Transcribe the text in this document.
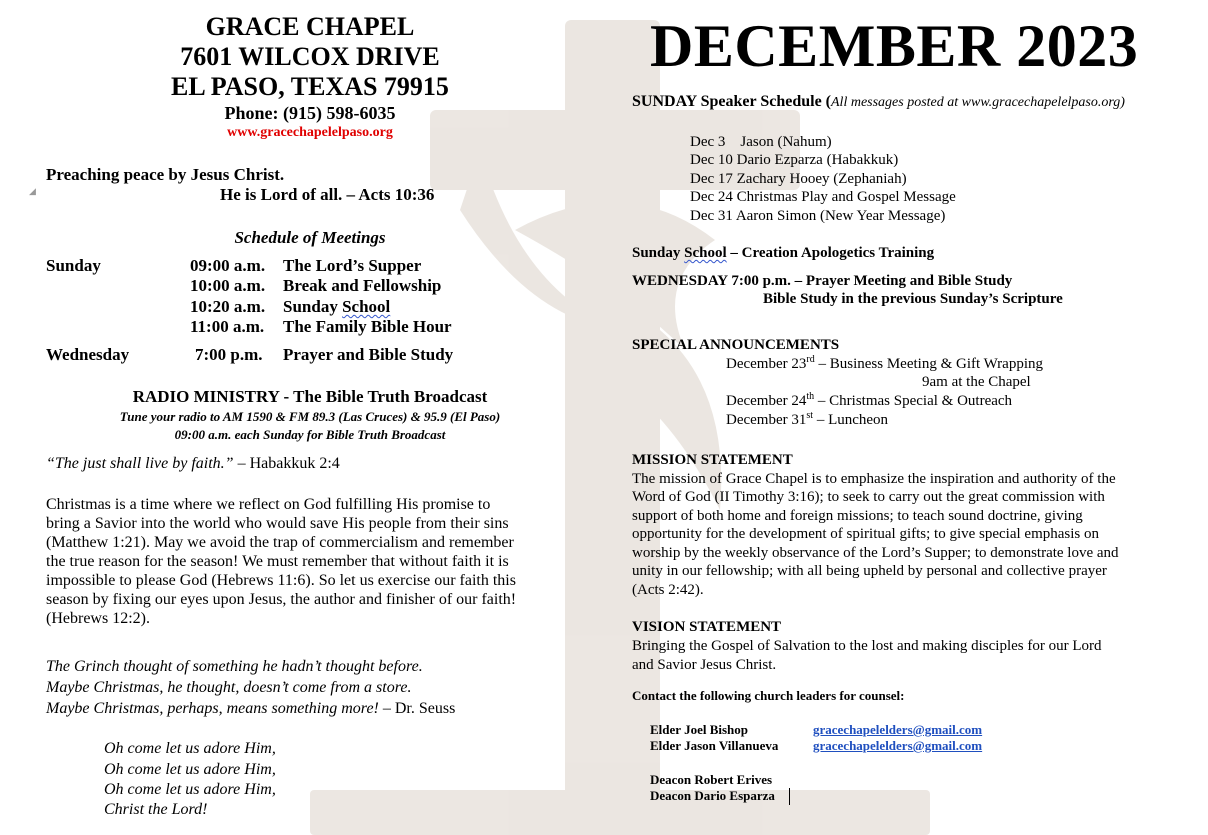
GRACE CHAPEL
7601 WILCOX DRIVE
EL PASO, TEXAS 79915
Phone: (915) 598-6035
www.gracechapelelpaso.org
Preaching peace by Jesus Christ.
He is Lord of all. – Acts 10:36
◢
Schedule of Meetings
Sunday	09:00 a.m. The Lord’s Supper
10:00 a.m. Break and Fellowship
10:20 a.m. Sunday School
11:00 a.m. The Family Bible Hour
Wednesday	7:00 p.m. Prayer and Bible Study
RADIO MINISTRY - The Bible Truth Broadcast
Tune your radio to AM 1590 & FM 89.3 (Las Cruces) & 95.9 (El Paso)
09:00 a.m. each Sunday for Bible Truth Broadcast
“The just shall live by faith.” – Habakkuk 2:4
Christmas is a time where we reflect on God fulfilling His promise to
bring a Savior into the world who would save His people from their sins
(Matthew 1:21). May we avoid the trap of commercialism and remember
the true reason for the season! We must remember that without faith it is
impossible to please God (Hebrews 11:6). So let us exercise our faith this
season by fixing our eyes upon Jesus, the author and finisher of our faith!
(Hebrews 12:2).
The Grinch thought of something he hadn’t thought before.
Maybe Christmas, he thought, doesn’t come from a store.
Maybe Christmas, perhaps, means something more! – Dr. Seuss
Oh come let us adore Him,
Oh come let us adore Him,
Oh come let us adore Him,
Christ the Lord!
DECEMBER 2023
SUNDAY Speaker Schedule (All messages posted at www.gracechapelelpaso.org)
Dec 3    Jason (Nahum)
Dec 10 Dario Ezparza (Habakkuk)
Dec 17 Zachary Hooey (Zephaniah)
Dec 24 Christmas Play and Gospel Message
Dec 31 Aaron Simon (New Year Message)
Sunday School – Creation Apologetics Training
WEDNESDAY 7:00 p.m. – Prayer Meeting and Bible Study
Bible Study in the previous Sunday’s Scripture
SPECIAL ANNOUNCEMENTS
December 23rd – Business Meeting & Gift Wrapping
9am at the Chapel
December 24th – Christmas Special & Outreach
December 31st – Luncheon
MISSION STATEMENT
The mission of Grace Chapel is to emphasize the inspiration and authority of the
Word of God (II Timothy 3:16); to seek to carry out the great commission with
support of both home and foreign missions; to teach sound doctrine, giving
opportunity for the development of spiritual gifts; to give special emphasis on
worship by the weekly observance of the Lord’s Supper; to demonstrate love and
unity in our fellowship; with all being upheld by personal and collective prayer
(Acts 2:42).
VISION STATEMENT
Bringing the Gospel of Salvation to the lost and making disciples for our Lord
and Savior Jesus Christ.
Contact the following church leaders for counsel:
Elder Joel Bishop	gracechapelelders@gmail.com
Elder Jason Villanueva	gracechapelelders@gmail.com
Deacon Robert Erives
Deacon Dario Esparza
